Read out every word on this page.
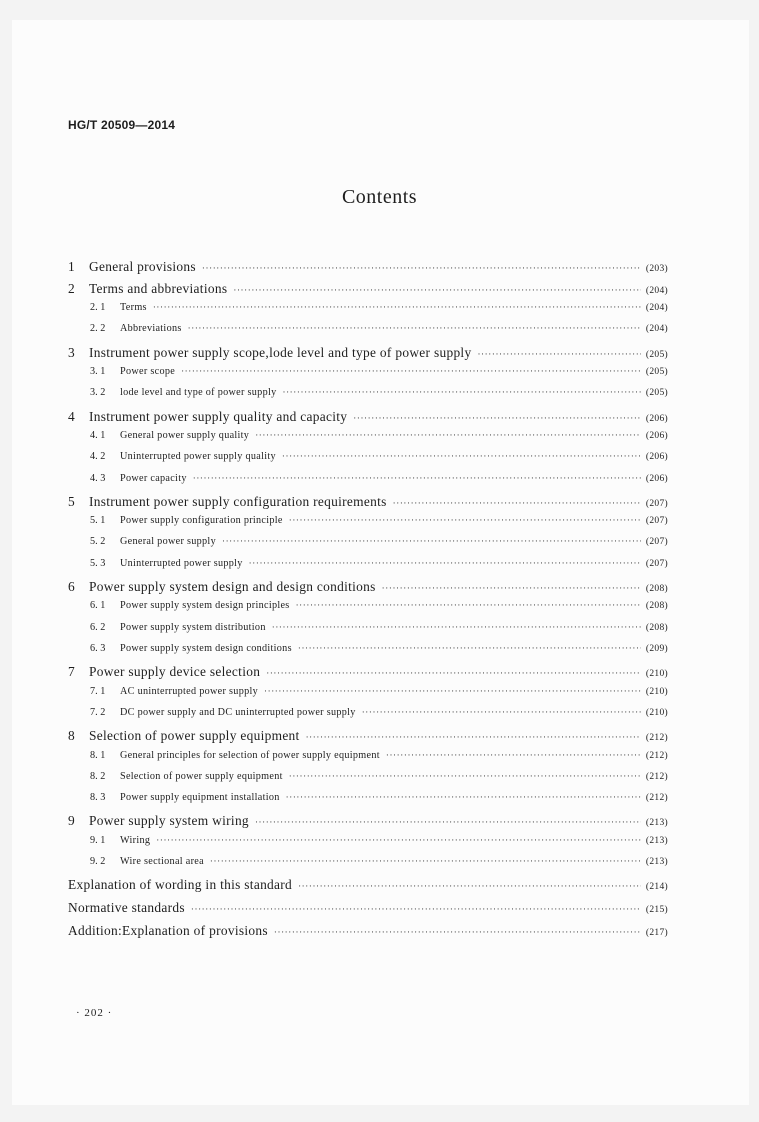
HG/T 20509—2014
Contents
1	General provisions ·····	(203)
2	Terms and abbreviations ·····	(204)
2. 1	Terms ·····	(204)
2. 2	Abbreviations ·····	(204)
3	Instrument power supply scope,lode level and type of power supply ·····	(205)
3. 1	Power scope ·····	(205)
3. 2	lode level and type of power supply ·····	(205)
4	Instrument power supply quality and capacity ·····	(206)
4. 1	General power supply quality ·····	(206)
4. 2	Uninterrupted power supply quality ·····	(206)
4. 3	Power capacity ·····	(206)
5	Instrument power supply configuration requirements ·····	(207)
5. 1	Power supply configuration principle ·····	(207)
5. 2	General power supply ·····	(207)
5. 3	Uninterrupted power supply ·····	(207)
6	Power supply system design and design conditions ·····	(208)
6. 1	Power supply system design principles ·····	(208)
6. 2	Power supply system distribution ·····	(208)
6. 3	Power supply system design conditions ·····	(209)
7	Power supply device selection ·····	(210)
7. 1	AC uninterrupted power supply ·····	(210)
7. 2	DC power supply and DC uninterrupted power supply ·····	(210)
8	Selection of power supply equipment ·····	(212)
8. 1	General principles for selection of power supply equipment ·····	(212)
8. 2	Selection of power supply equipment ·····	(212)
8. 3	Power supply equipment installation ·····	(212)
9	Power supply system wiring ·····	(213)
9. 1	Wiring ·····	(213)
9. 2	Wire sectional area ·····	(213)
Explanation of wording in this standard ·····	(214)
Normative standards ·····	(215)
Addition:Explanation of provisions ·····	(217)
· 202 ·
